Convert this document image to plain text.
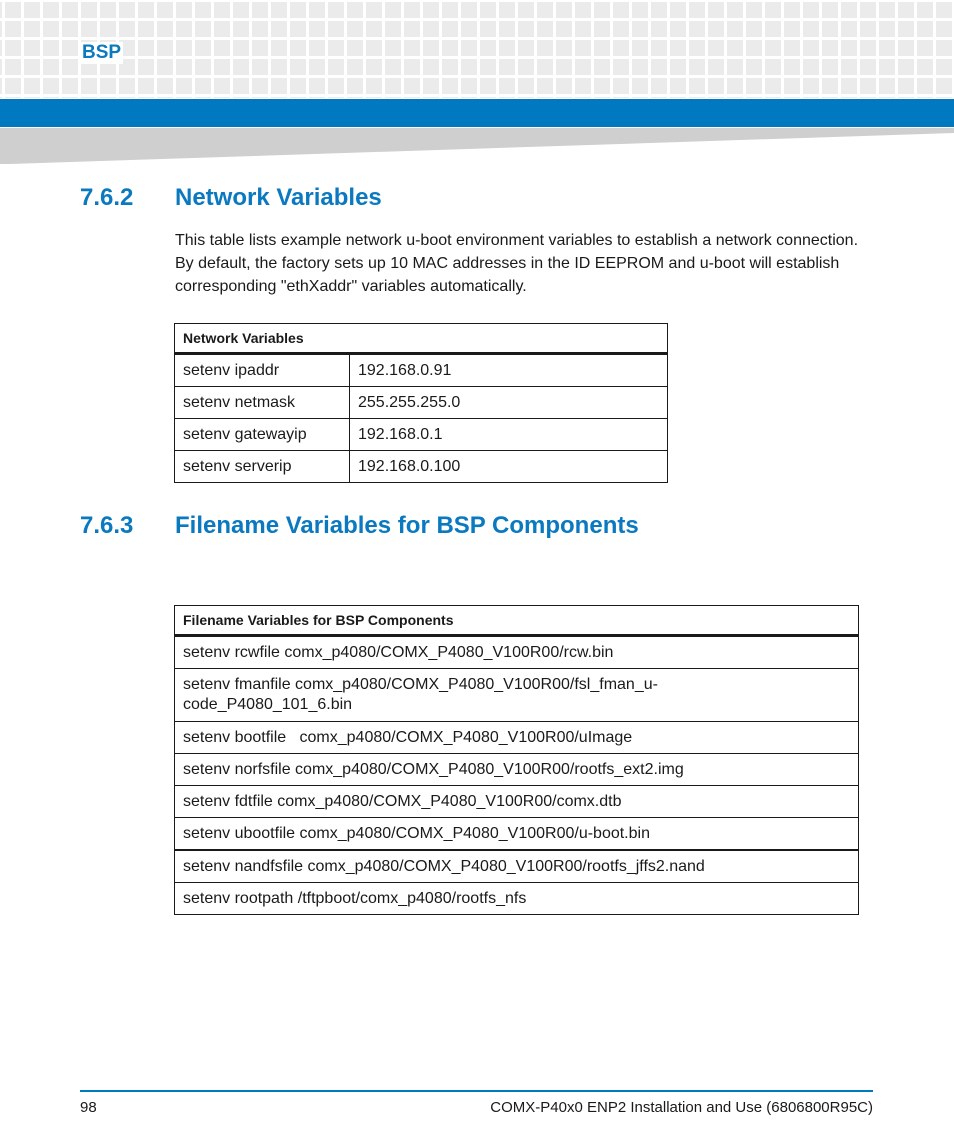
BSP
7.6.2 Network Variables

This table lists example network u-boot environment variables to establish a network connection. By default, the factory sets up 10 MAC addresses in the ID EEPROM and u-boot will establish corresponding "ethXaddr" variables automatically.

Network Variables	
setenv ipaddr	192.168.0.91
setenv netmask	255.255.255.0
setenv gatewayip	192.168.0.1
setenv serverip	192.168.0.100
7.6.3 Filename Variables for BSP Components
Filename Variables for BSP Components
setenv rcwfile comx_p4080/COMX_P4080_V100R00/rcw.bin
setenv fmanfile comx_p4080/COMX_P4080_V100R00/fsl_fman_u-
code_P4080_101_6.bin
setenv bootfile   comx_p4080/COMX_P4080_V100R00/uImage
setenv norfsfile comx_p4080/COMX_P4080_V100R00/rootfs_ext2.img
setenv fdtfile comx_p4080/COMX_P4080_V100R00/comx.dtb
setenv ubootfile comx_p4080/COMX_P4080_V100R00/u-boot.bin
setenv nandfsfile comx_p4080/COMX_P4080_V100R00/rootfs_jffs2.nand
setenv rootpath /tftpboot/comx_p4080/rootfs_nfs
98	COMX-P40x0 ENP2 Installation and Use (6806800R95C)
